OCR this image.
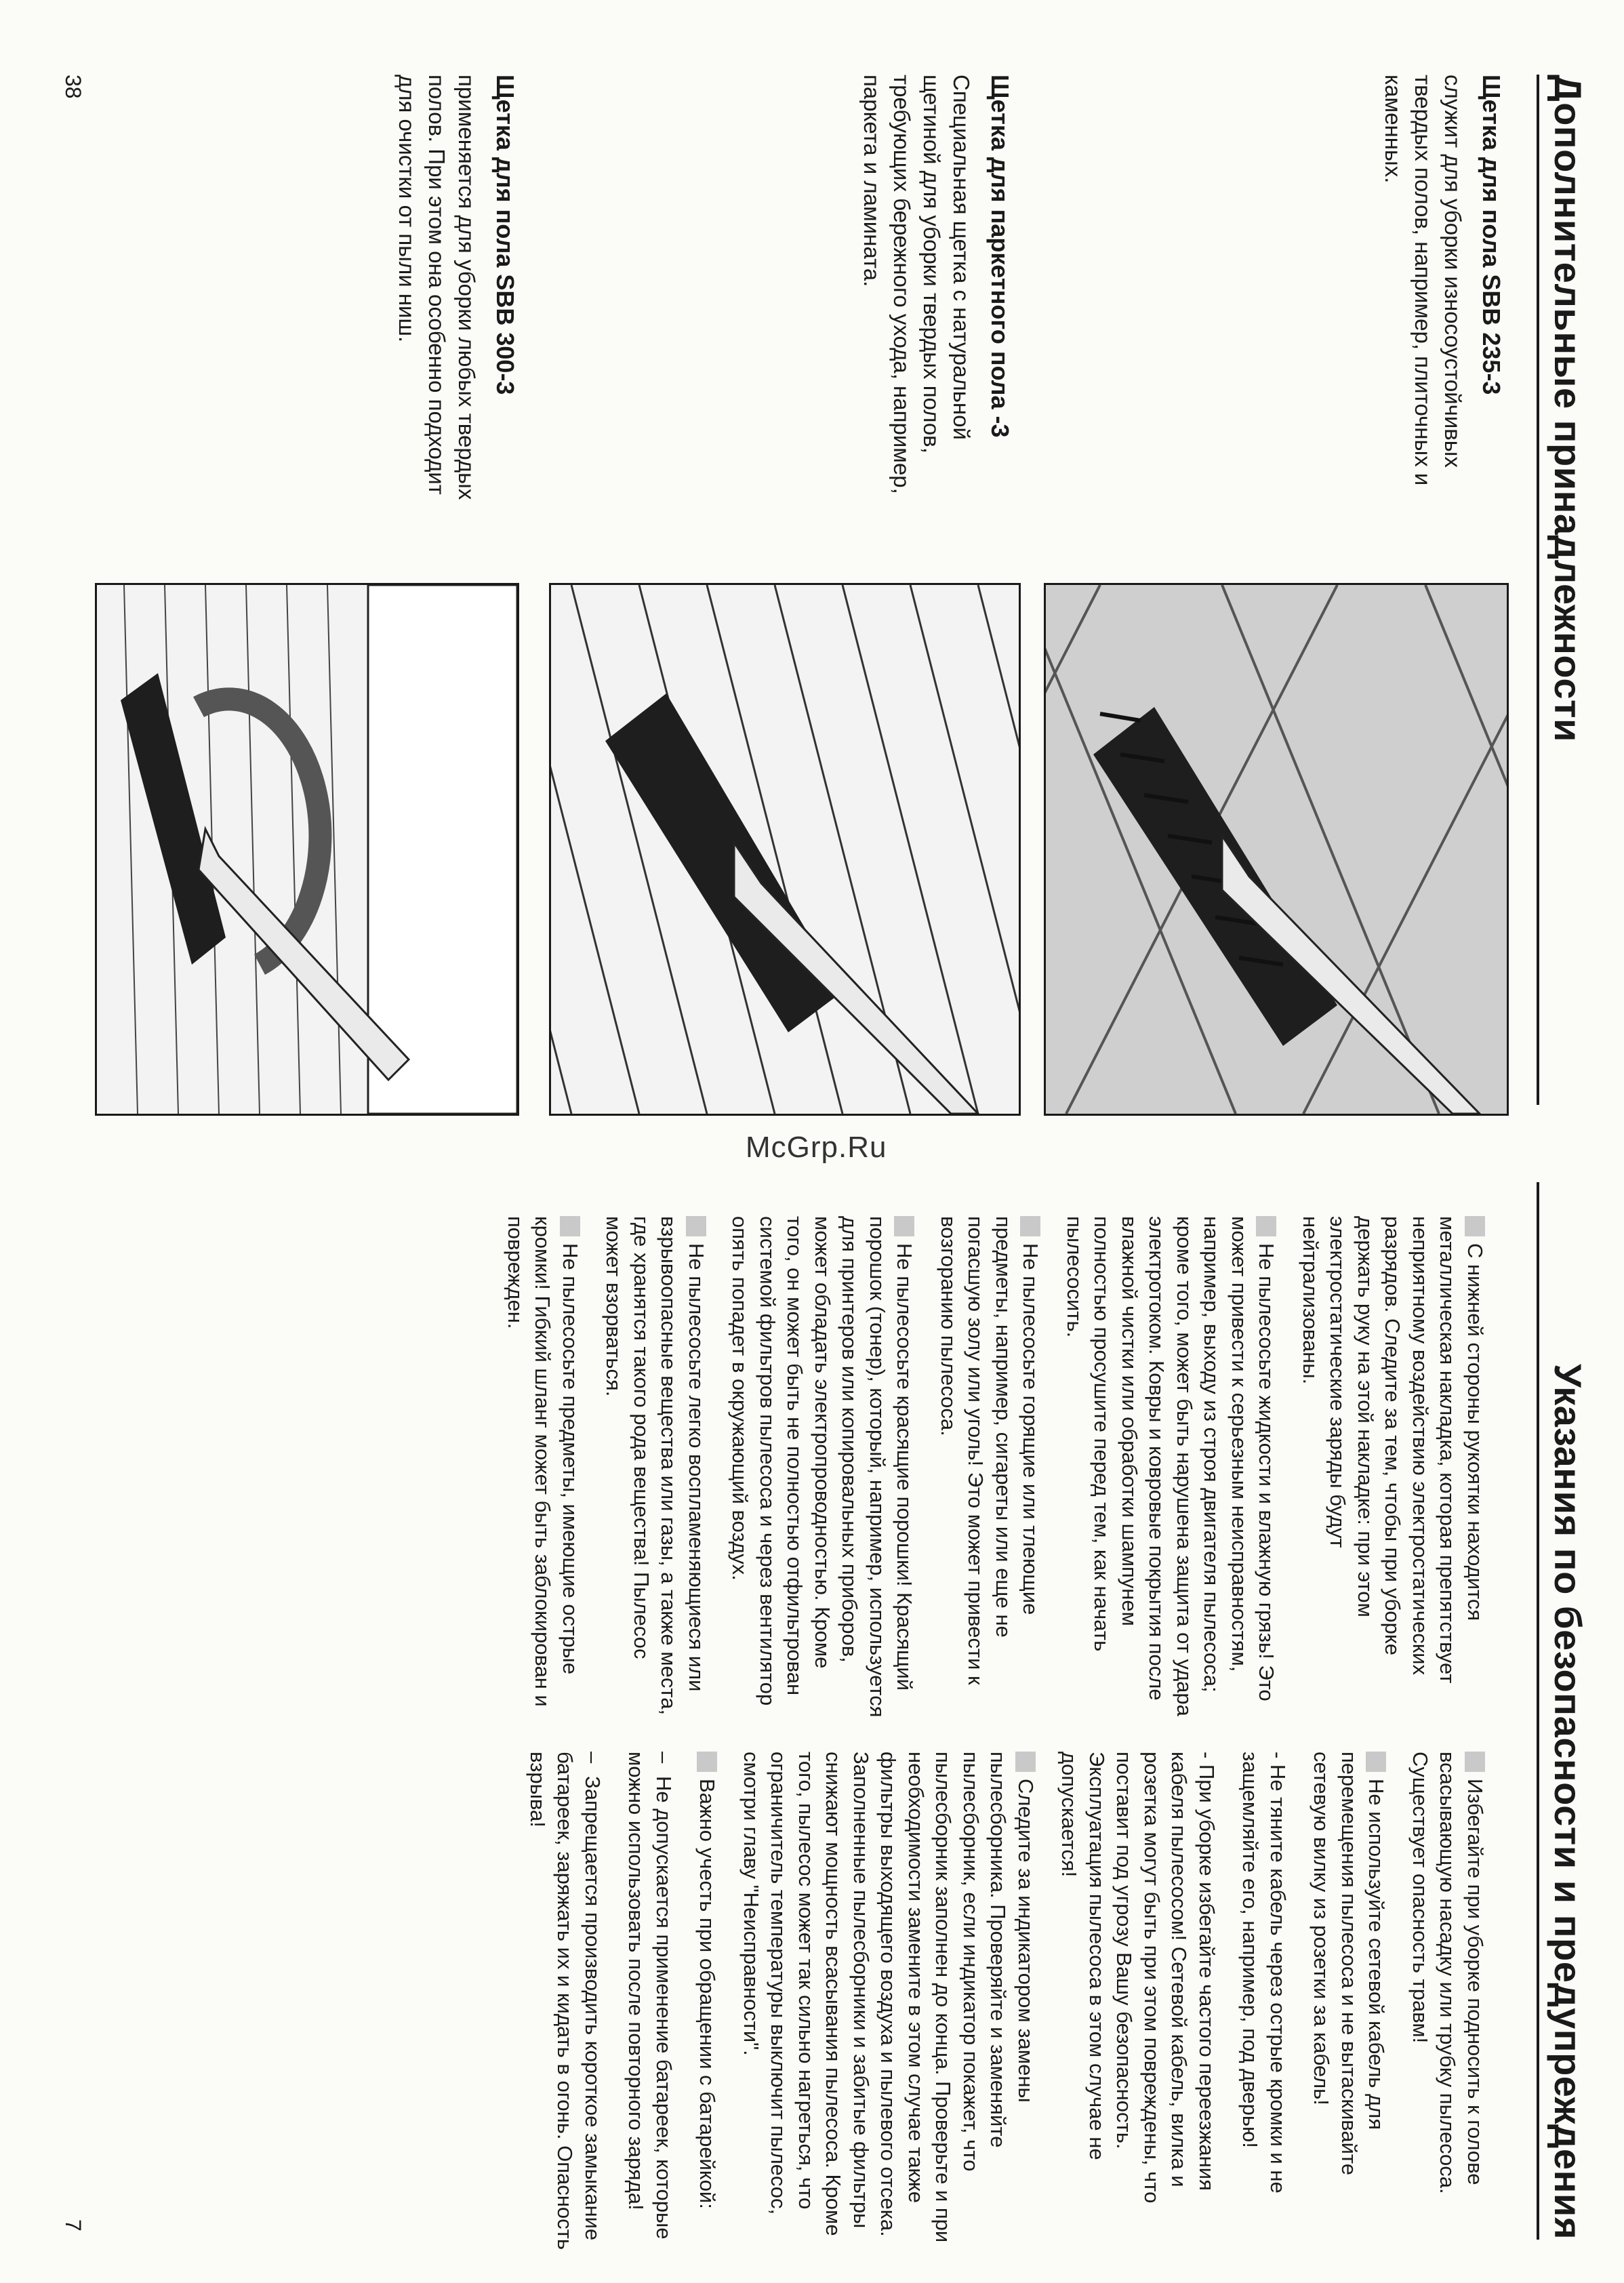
Дополнительные принадлежности
Щетка для пола SBB 235-3

служит для уборки износоустойчивых твердых полов, например, плиточных и каменных.

Щетка для паркетного пола -3

Специальная щетка с натуральной щетиной для уборки твердых полов, требующих бережного ухода, например, паркета и ламината.

Щетка для пола SBB 300-3

применяется для уборки любых твердых полов. При этом она особенно подходит для очистки от пыли ниш.

38
Указания по безопасности и предупреждения

С нижней стороны рукоятки находится металлическая накладка, которая препятствует неприятному воздействию электростатических разрядов. Следите за тем, чтобы при уборке держать руку на этой накладке: при этом электростатические заряды будут нейтрализованы.

Не пылесосьте жидкости и влажную грязь! Это может привести к серьезным неисправностям, например, выходу из строя двигателя пылесоса; кроме того, может быть нарушена защита от удара электротоком. Ковры и ковровые покрытия после влажной чистки или обработки шампунем полностью просушите перед тем, как начать пылесосить.

Не пылесосьте горящие или тлеющие предметы, например, сигареты или еще не погасшую золу или уголь! Это может привести к возгоранию пылесоса.

Не пылесосьте красящие порошки! Красящий порошок (тонер), который, например, используется для принтеров или копировальных приборов, может обладать электропроводностью. Кроме того, он может быть не полностью отфильтрован системой фильтров пылесоса и через вентилятор опять попадет в окружающий воздух.

Не пылесосьте легко воспламеняющиеся или взрывоопасные вещества или газы, а также места, где хранятся такого рода вещества! Пылесос может взорваться.

Не пылесосьте предметы, имеющие острые кромки! Гибкий шланг может быть заблокирован и поврежден.

Избегайте при уборке подносить к голове всасывающую насадку или трубку пылесоса. Существует опасность травм!

Не используйте сетевой кабель для перемещения пылесоса и не вытаскивайте сетевую вилку из розетки за кабель!

- Не тяните кабель через острые кромки и не защемляйте его, например, под дверью!

- При уборке избегайте частого переезжания кабеля пылесосом! Сетевой кабель, вилка и розетка могут быть при этом повреждены, что поставит под угрозу Вашу безопасность. Эксплуатация пылесоса в этом случае не допускается!

Следите за индикатором замены пылесборника. Проверяйте и заменяйте пылесборник, если индикатор покажет, что пылесборник заполнен до конца. Проверьте и при необходимости замените в этом случае также фильтры выходящего воздуха и пылевого отсека. Заполненные пылесборники и забитые фильтры снижают мощность всасывания пылесоса. Кроме того, пылесос может так сильно нагреться, что ограничитель температуры выключит пылесос, смотри главу "Неисправности".

Важно учесть при обращении с батарейкой:

–Не допускается применение батареек, которые можно использовать после повторного заряда!

–Запрещается производить короткое замыкание батареек, заряжать их и кидать в огонь. Опасность взрыва!

7
McGrp.Ru
